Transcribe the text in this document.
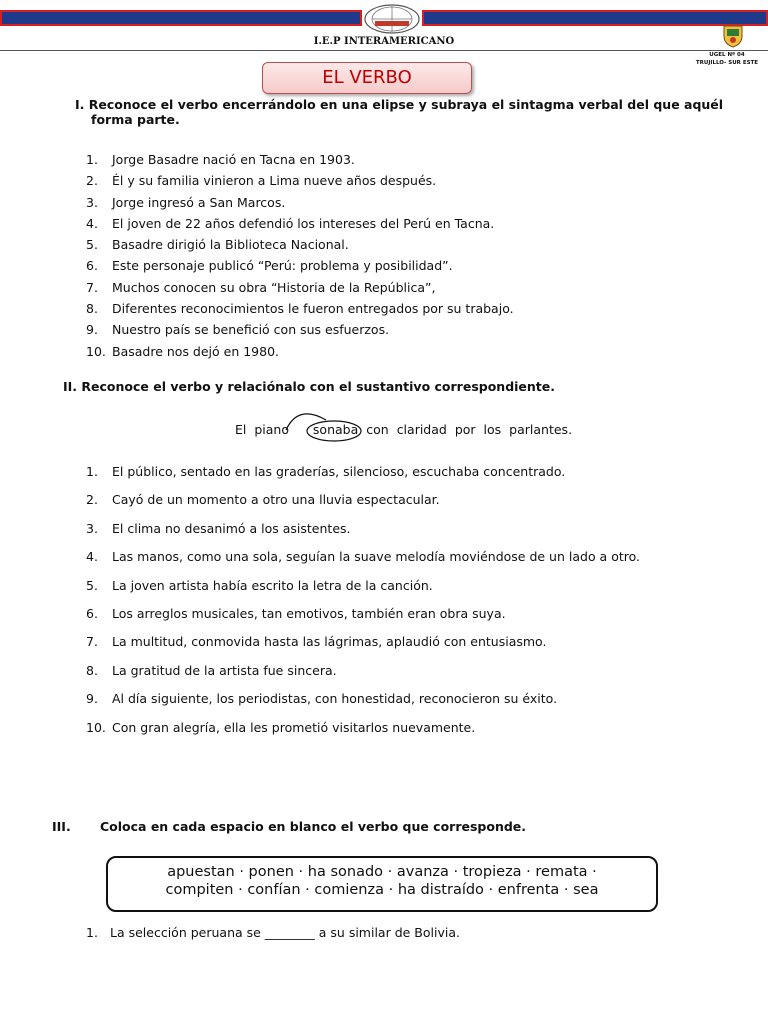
I.E.P INTERAMERICANO
UGEL Nº 04
TRUJILLO- SUR ESTE
EL VERBO
I. Reconoce el verbo encerrándolo en una elipse y subraya el sintagma verbal del que aquél forma parte.
1.	Jorge Basadre nació en Tacna en 1903.
2.	Él y su familia vinieron a Lima nueve años después.
3.	Jorge ingresó a San Marcos.
4.	El joven de 22 años defendió los intereses del Perú en Tacna.
5.	Basadre dirigió la Biblioteca Nacional.
6.	Este personaje publicó “Perú: problema y posibilidad”.
7.	Muchos conocen su obra “Historia de la República”,
8.	Diferentes reconocimientos le fueron entregados por su trabajo.
9.	Nuestro país se benefició con sus esfuerzos.
10. Basadre nos dejó en 1980.
II. Reconoce el verbo y relaciónalo con el sustantivo correspondiente.
El piano sonaba con claridad por los parlantes.
1.	El público, sentado en las graderías, silencioso, escuchaba concentrado.
2.	Cayó de un momento a otro una lluvia espectacular.
3.	El clima no desanimó a los asistentes.
4.	Las manos, como una sola, seguían la suave melodía moviéndose de un lado a otro.
5.	La joven artista había escrito la letra de la canción.
6.	Los arreglos musicales, tan emotivos, también eran obra suya.
7.	La multitud, conmovida hasta las lágrimas, aplaudió con entusiasmo.
8.	La gratitud de la artista fue sincera.
9.	Al día siguiente, los periodistas, con honestidad, reconocieron su éxito.
10. Con gran alegría, ella les prometió visitarlos nuevamente.
III. Coloca en cada espacio en blanco el verbo que corresponde.
apuestan · ponen · ha sonado · avanza · tropieza · remata ·
compiten · confían · comienza · ha distraído · enfrenta · sea
1. La selección peruana se ________ a su similar de Bolivia.
